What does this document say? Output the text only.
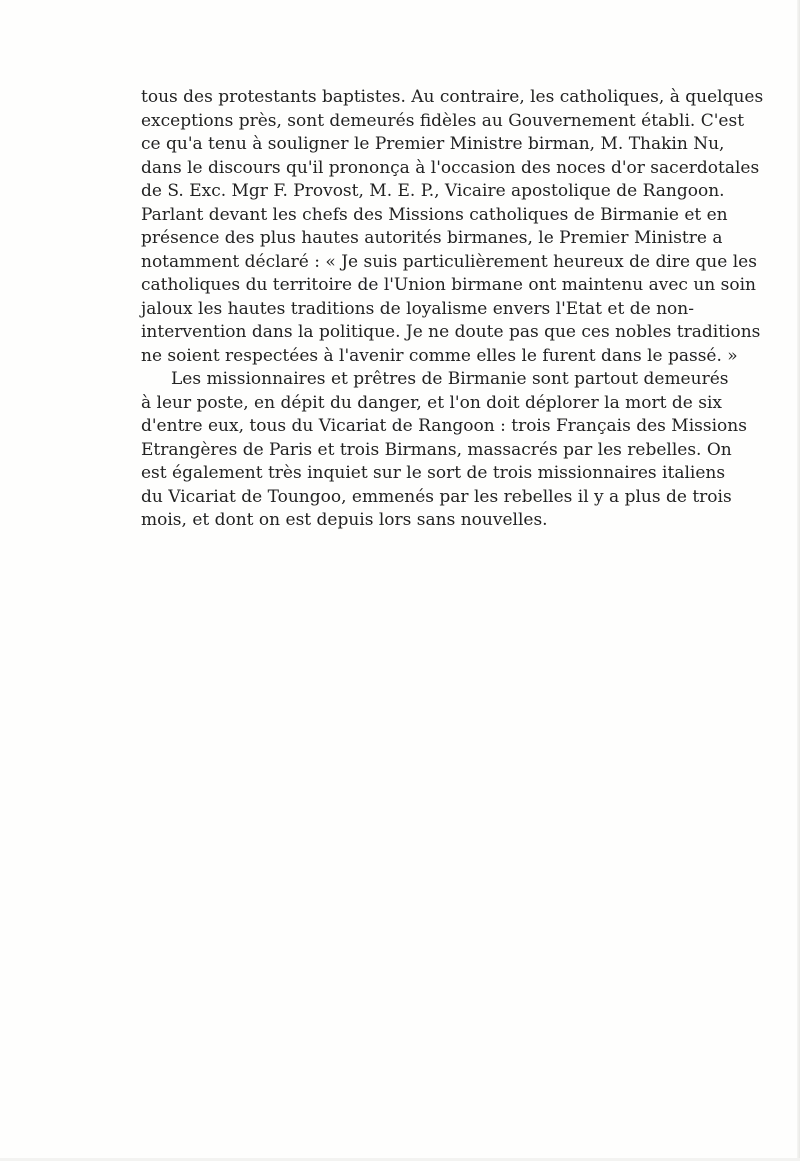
tous des protestants baptistes. Au contraire, les catholiques, à quelques
exceptions près, sont demeurés fidèles au Gouvernement établi. C'est
ce qu'a tenu à souligner le Premier Ministre birman, M. Thakin Nu,
dans le discours qu'il prononça à l'occasion des noces d'or sacerdotales
de S. Exc. Mgr F. Provost, M. E. P., Vicaire apostolique de Rangoon.
Parlant devant les chefs des Missions catholiques de Birmanie et en
présence des plus hautes autorités birmanes, le Premier Ministre a
notamment déclaré : « Je suis particulièrement heureux de dire que les
catholiques du territoire de l'Union birmane ont maintenu avec un soin
jaloux les hautes traditions de loyalisme envers l'Etat et de non-
intervention dans la politique. Je ne doute pas que ces nobles traditions
ne soient respectées à l'avenir comme elles le furent dans le passé. »

Les missionnaires et prêtres de Birmanie sont partout demeurés
à leur poste, en dépit du danger, et l'on doit déplorer la mort de six
d'entre eux, tous du Vicariat de Rangoon : trois Français des Missions
Etrangères de Paris et trois Birmans, massacrés par les rebelles. On
est également très inquiet sur le sort de trois missionnaires italiens
du Vicariat de Toungoo, emmenés par les rebelles il y a plus de trois
mois, et dont on est depuis lors sans nouvelles.
